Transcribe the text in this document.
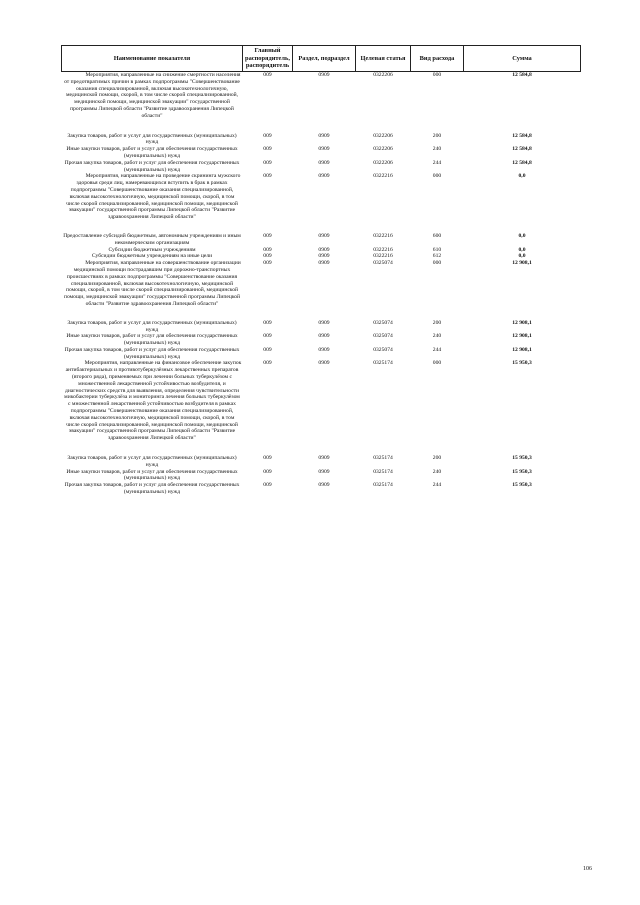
Наименование показателя	Главный распорядитель, распорядитель	Раздел, подраздел	Целевая статья	Вид расхода	Сумма
Мероприятия, направленные на снижение смертности населения от предотвратимых причин в рамках подпрограммы "Совершенствование оказания специализированной, включая высокотехнологичную, медицинской помощи, скорой, в том числе скорой специализированной, медицинской помощи, медицинской эвакуации" государственной программы Липецкой области "Развитие здравоохранения Липецкой области"	009	0909	0322206	000	12 584,8
Закупка товаров, работ и услуг для государственных (муниципальных) нужд	009	0909	0322206	200	12 584,8
Иные закупки товаров, работ и услуг для обеспечения государственных (муниципальных) нужд	009	0909	0322206	240	12 584,8
Прочая закупка товаров, работ и услуг для обеспечения государственных (муниципальных) нужд	009	0909	0322206	244	12 584,8
Мероприятия, направленные на проведение скрининга мужского здоровья среди лиц, намеревающихся вступить в брак в рамках подпрограммы "Совершенствование оказания специализированной, включая высокотехнологичную, медицинской помощи, скорой, в том числе скорой специализированной, медицинской помощи, медицинской эвакуации" государственной программы Липецкой области "Развитие здравоохранения Липецкой области"	009	0909	0322216	000	0,0
Предоставление субсидий бюджетным, автономным учреждениям и иным некоммерческим организациям	009	0909	0322216	600	0,0
Субсидии бюджетным учреждениям	009	0909	0322216	610	0,0
Субсидии бюджетным учреждениям на иные цели	009	0909	0322216	612	0,0
Мероприятия, направленные на совершенствование организации медицинской помощи пострадавшим при дорожно-транспортных происшествиях в рамках подпрограммы "Совершенствование оказания специализированной, включая высокотехнологичную, медицинской помощи, скорой, в том числе скорой специализированной, медицинской помощи, медицинской эвакуации" государственной программы Липецкой области "Развитие здравоохранения Липецкой области"	009	0909	0325074	000	12 908,1
Закупка товаров, работ и услуг для государственных (муниципальных) нужд	009	0909	0325074	200	12 908,1
Иные закупки товаров, работ и услуг для обеспечения государственных (муниципальных) нужд	009	0909	0325074	240	12 908,1
Прочая закупка товаров, работ и услуг для обеспечения государственных (муниципальных) нужд	009	0909	0325074	244	12 908,1
Мероприятия, направленные на финансовое обеспечение закупок антибактериальных и противотуберкулёзных лекарственных препаратов (второго ряда), применяемых при лечении больных туберкулёзом с множественной лекарственной устойчивостью возбудителя, и диагностических средств для выявления, определения чувствительности микобактерии туберкулёза и мониторинга лечения больных туберкулёзом с множественной лекарственной устойчивостью возбудителя в рамках подпрограммы "Совершенствование оказания специализированной, включая высокотехнологичную, медицинской помощи, скорой, в том числе скорой специализированной, медицинской помощи, медицинской эвакуации" государственной программы Липецкой области "Развитие здравоохранения Липецкой области"	009	0909	0325174	000	15 950,3
Закупка товаров, работ и услуг для государственных (муниципальных) нужд	009	0909	0325174	200	15 950,3
Иные закупки товаров, работ и услуг для обеспечения государственных (муниципальных) нужд	009	0909	0325174	240	15 950,3
Прочая закупка товаров, работ и услуг для обеспечения государственных (муниципальных) нужд	009	0909	0325174	244	15 950,3
106
